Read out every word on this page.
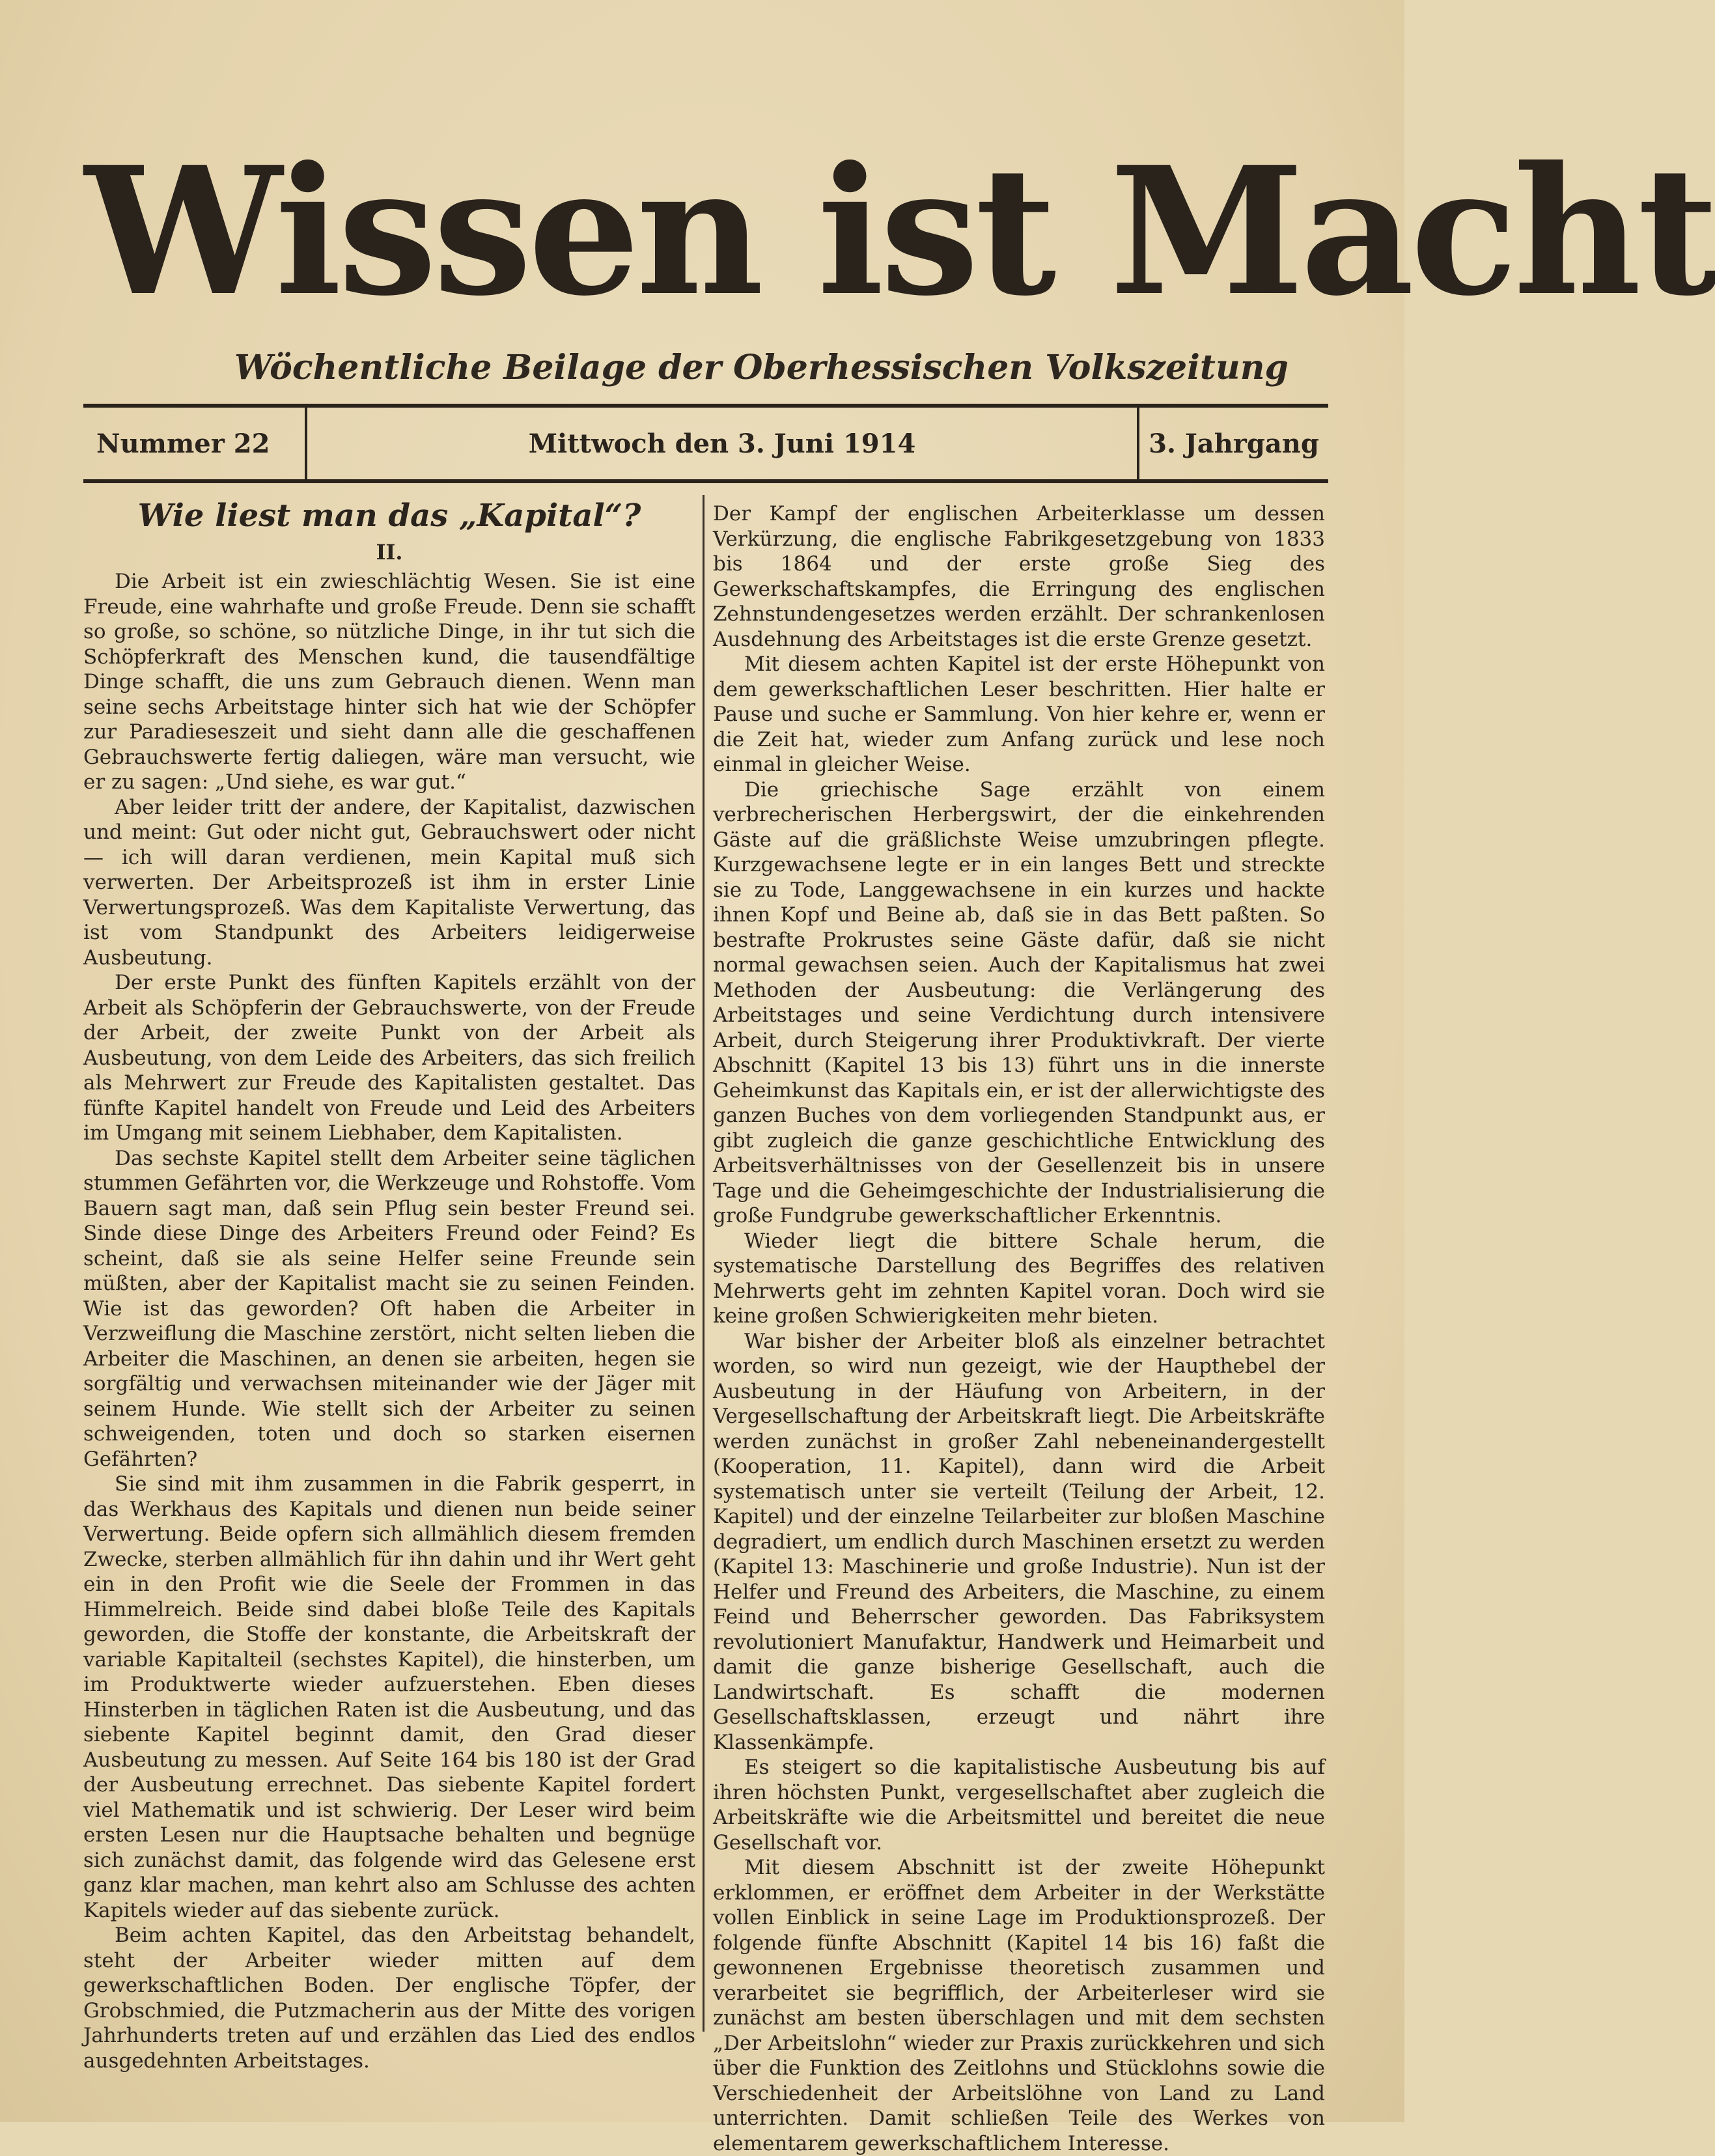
Wissen ist Macht
Wöchentliche Beilage der Oberhessischen Volkszeitung
Nummer 22	Mittwoch den 3. Juni 1914	3. Jahrgang
Wie liest man das „Kapital“?
II.

Die Arbeit ist ein zwieschlächtig Wesen. Sie ist eine Freude, eine wahrhafte und große Freude. Denn sie schafft so große, so schöne, so nützliche Dinge, in ihr tut sich die Schöpferkraft des Menschen kund, die tausendfältige Dinge schafft, die uns zum Gebrauch dienen. Wenn man seine sechs Arbeitstage hinter sich hat wie der Schöpfer zur Paradieseszeit und sieht dann alle die geschaffenen Gebrauchswerte fertig daliegen, wäre man versucht, wie er zu sagen: „Und siehe, es war gut.“

Aber leider tritt der andere, der Kapitalist, dazwischen und meint: Gut oder nicht gut, Gebrauchswert oder nicht — ich will daran verdienen, mein Kapital muß sich verwerten. Der Arbeitsprozeß ist ihm in erster Linie Verwertungsprozeß. Was dem Kapitaliste Verwertung, das ist vom Standpunkt des Arbeiters leidigerweise Ausbeutung.

Der erste Punkt des fünften Kapitels erzählt von der Arbeit als Schöpferin der Gebrauchswerte, von der Freude der Arbeit, der zweite Punkt von der Arbeit als Ausbeutung, von dem Leide des Arbeiters, das sich freilich als Mehrwert zur Freude des Kapitalisten gestaltet. Das fünfte Kapitel handelt von Freude und Leid des Arbeiters im Umgang mit seinem Liebhaber, dem Kapitalisten.

Das sechste Kapitel stellt dem Arbeiter seine täglichen stummen Gefährten vor, die Werkzeuge und Rohstoffe. Vom Bauern sagt man, daß sein Pflug sein bester Freund sei. Sinde diese Dinge des Arbeiters Freund oder Feind? Es scheint, daß sie als seine Helfer seine Freunde sein müßten, aber der Kapitalist macht sie zu seinen Feinden. Wie ist das geworden? Oft haben die Arbeiter in Verzweiflung die Maschine zerstört, nicht selten lieben die Arbeiter die Maschinen, an denen sie arbeiten, hegen sie sorgfältig und verwachsen miteinander wie der Jäger mit seinem Hunde. Wie stellt sich der Arbeiter zu seinen schweigenden, toten und doch so starken eisernen Gefährten?

Sie sind mit ihm zusammen in die Fabrik gesperrt, in das Werkhaus des Kapitals und dienen nun beide seiner Verwertung. Beide opfern sich allmählich diesem fremden Zwecke, sterben allmählich für ihn dahin und ihr Wert geht ein in den Profit wie die Seele der Frommen in das Himmelreich. Beide sind dabei bloße Teile des Kapitals geworden, die Stoffe der konstante, die Arbeitskraft der variable Kapitalteil (sechstes Kapitel), die hinsterben, um im Produktwerte wieder aufzuerstehen. Eben dieses Hinsterben in täglichen Raten ist die Ausbeutung, und das siebente Kapitel beginnt damit, den Grad dieser Ausbeutung zu messen. Auf Seite 164 bis 180 ist der Grad der Ausbeutung errechnet. Das siebente Kapitel fordert viel Mathematik und ist schwierig. Der Leser wird beim ersten Lesen nur die Hauptsache behalten und begnüge sich zunächst damit, das folgende wird das Gelesene erst ganz klar machen, man kehrt also am Schlusse des achten Kapitels wieder auf das siebente zurück.

Beim achten Kapitel, das den Arbeitstag behandelt, steht der Arbeiter wieder mitten auf dem gewerkschaftlichen Boden. Der englische Töpfer, der Grobschmied, die Putzmacherin aus der Mitte des vorigen Jahrhunderts treten auf und erzählen das Lied des endlos ausgedehnten Arbeitstages.

Der Kampf der englischen Arbeiterklasse um dessen Verkürzung, die englische Fabrikgesetzgebung von 1833 bis 1864 und der erste große Sieg des Gewerkschaftskampfes, die Erringung des englischen Zehnstundengesetzes werden erzählt. Der schrankenlosen Ausdehnung des Arbeitstages ist die erste Grenze gesetzt.

Mit diesem achten Kapitel ist der erste Höhepunkt von dem gewerkschaftlichen Leser beschritten. Hier halte er Pause und suche er Sammlung. Von hier kehre er, wenn er die Zeit hat, wieder zum Anfang zurück und lese noch einmal in gleicher Weise.

Die griechische Sage erzählt von einem verbrecherischen Herbergswirt, der die einkehrenden Gäste auf die gräßlichste Weise umzubringen pflegte. Kurzgewachsene legte er in ein langes Bett und streckte sie zu Tode, Langgewachsene in ein kurzes und hackte ihnen Kopf und Beine ab, daß sie in das Bett paßten. So bestrafte Prokrustes seine Gäste dafür, daß sie nicht normal gewachsen seien. Auch der Kapitalismus hat zwei Methoden der Ausbeutung: die Verlängerung des Arbeitstages und seine Verdichtung durch intensivere Arbeit, durch Steigerung ihrer Produktivkraft. Der vierte Abschnitt (Kapitel 13 bis 13) führt uns in die innerste Geheimkunst das Kapitals ein, er ist der allerwichtigste des ganzen Buches von dem vorliegenden Standpunkt aus, er gibt zugleich die ganze geschichtliche Entwicklung des Arbeitsverhältnisses von der Gesellenzeit bis in unsere Tage und die Geheimgeschichte der Industrialisierung die große Fundgrube gewerkschaftlicher Erkenntnis.

Wieder liegt die bittere Schale herum, die systematische Darstellung des Begriffes des relativen Mehrwerts geht im zehnten Kapitel voran. Doch wird sie keine großen Schwierigkeiten mehr bieten.

War bisher der Arbeiter bloß als einzelner betrachtet worden, so wird nun gezeigt, wie der Haupthebel der Ausbeutung in der Häufung von Arbeitern, in der Vergesellschaftung der Arbeitskraft liegt. Die Arbeitskräfte werden zunächst in großer Zahl nebeneinandergestellt (Kooperation, 11. Kapitel), dann wird die Arbeit systematisch unter sie verteilt (Teilung der Arbeit, 12. Kapitel) und der einzelne Teilarbeiter zur bloßen Maschine degradiert, um endlich durch Maschinen ersetzt zu werden (Kapitel 13: Maschinerie und große Industrie). Nun ist der Helfer und Freund des Arbeiters, die Maschine, zu einem Feind und Beherrscher geworden. Das Fabriksystem revolutioniert Manufaktur, Handwerk und Heimarbeit und damit die ganze bisherige Gesellschaft, auch die Landwirtschaft. Es schafft die modernen Gesellschaftsklassen, erzeugt und nährt ihre Klassenkämpfe.

Es steigert so die kapitalistische Ausbeutung bis auf ihren höchsten Punkt, vergesellschaftet aber zugleich die Arbeitskräfte wie die Arbeitsmittel und bereitet die neue Gesellschaft vor.

Mit diesem Abschnitt ist der zweite Höhepunkt erklommen, er eröffnet dem Arbeiter in der Werkstätte vollen Einblick in seine Lage im Produktionsprozeß. Der folgende fünfte Abschnitt (Kapitel 14 bis 16) faßt die gewonnenen Ergebnisse theoretisch zusammen und verarbeitet sie begrifflich, der Arbeiterleser wird sie zunächst am besten überschlagen und mit dem sechsten „Der Arbeitslohn“ wieder zur Praxis zurückkehren und sich über die Funktion des Zeitlohns und Stücklohns sowie die Verschiedenheit der Arbeitslöhne von Land zu Land unterrichten. Damit schließen Teile des Werkes von elementarem gewerkschaftlichem Interesse.
